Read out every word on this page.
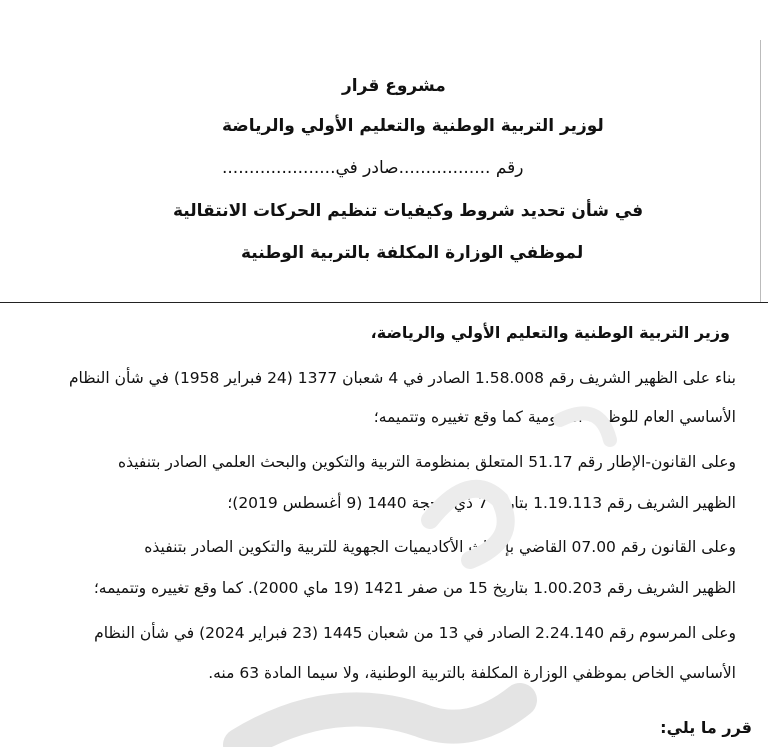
مشروع قرار
لوزير التربية الوطنية والتعليم الأولي والرياضة
رقم .................صادر في.....................
في شأن تحديد شروط وكيفيات تنظيم الحركات الانتقالية
لموظفي الوزارة المكلفة بالتربية الوطنية
وزير التربية الوطنية والتعليم الأولي والرياضة،
بناء على الظهير الشريف رقم 1.58.008 الصادر في 4 شعبان 1377 (24 فبراير 1958) في شأن النظام
الأساسي العام للوظيفة العمومية كما وقع تغييره وتتميمه؛
وعلى القانون-الإطار رقم 51.17 المتعلق بمنظومة التربية والتكوين والبحث العلمي الصادر بتنفيذه
الظهير الشريف رقم 1.19.113 بتاريخ 7 ذي الحجة 1440 (9 أغسطس 2019)؛
وعلى القانون رقم 07.00 القاضي بإحداث الأكاديميات الجهوية للتربية والتكوين الصادر بتنفيذه
الظهير الشريف رقم 1.00.203 بتاريخ 15 من صفر 1421 (19 ماي 2000). كما وقع تغييره وتتميمه؛
وعلى المرسوم رقم 2.24.140 الصادر في 13 من شعبان 1445 (23 فبراير 2024) في شأن النظام
الأساسي الخاص بموظفي الوزارة المكلفة بالتربية الوطنية، ولا سيما المادة 63 منه.
قرر ما يلي:
